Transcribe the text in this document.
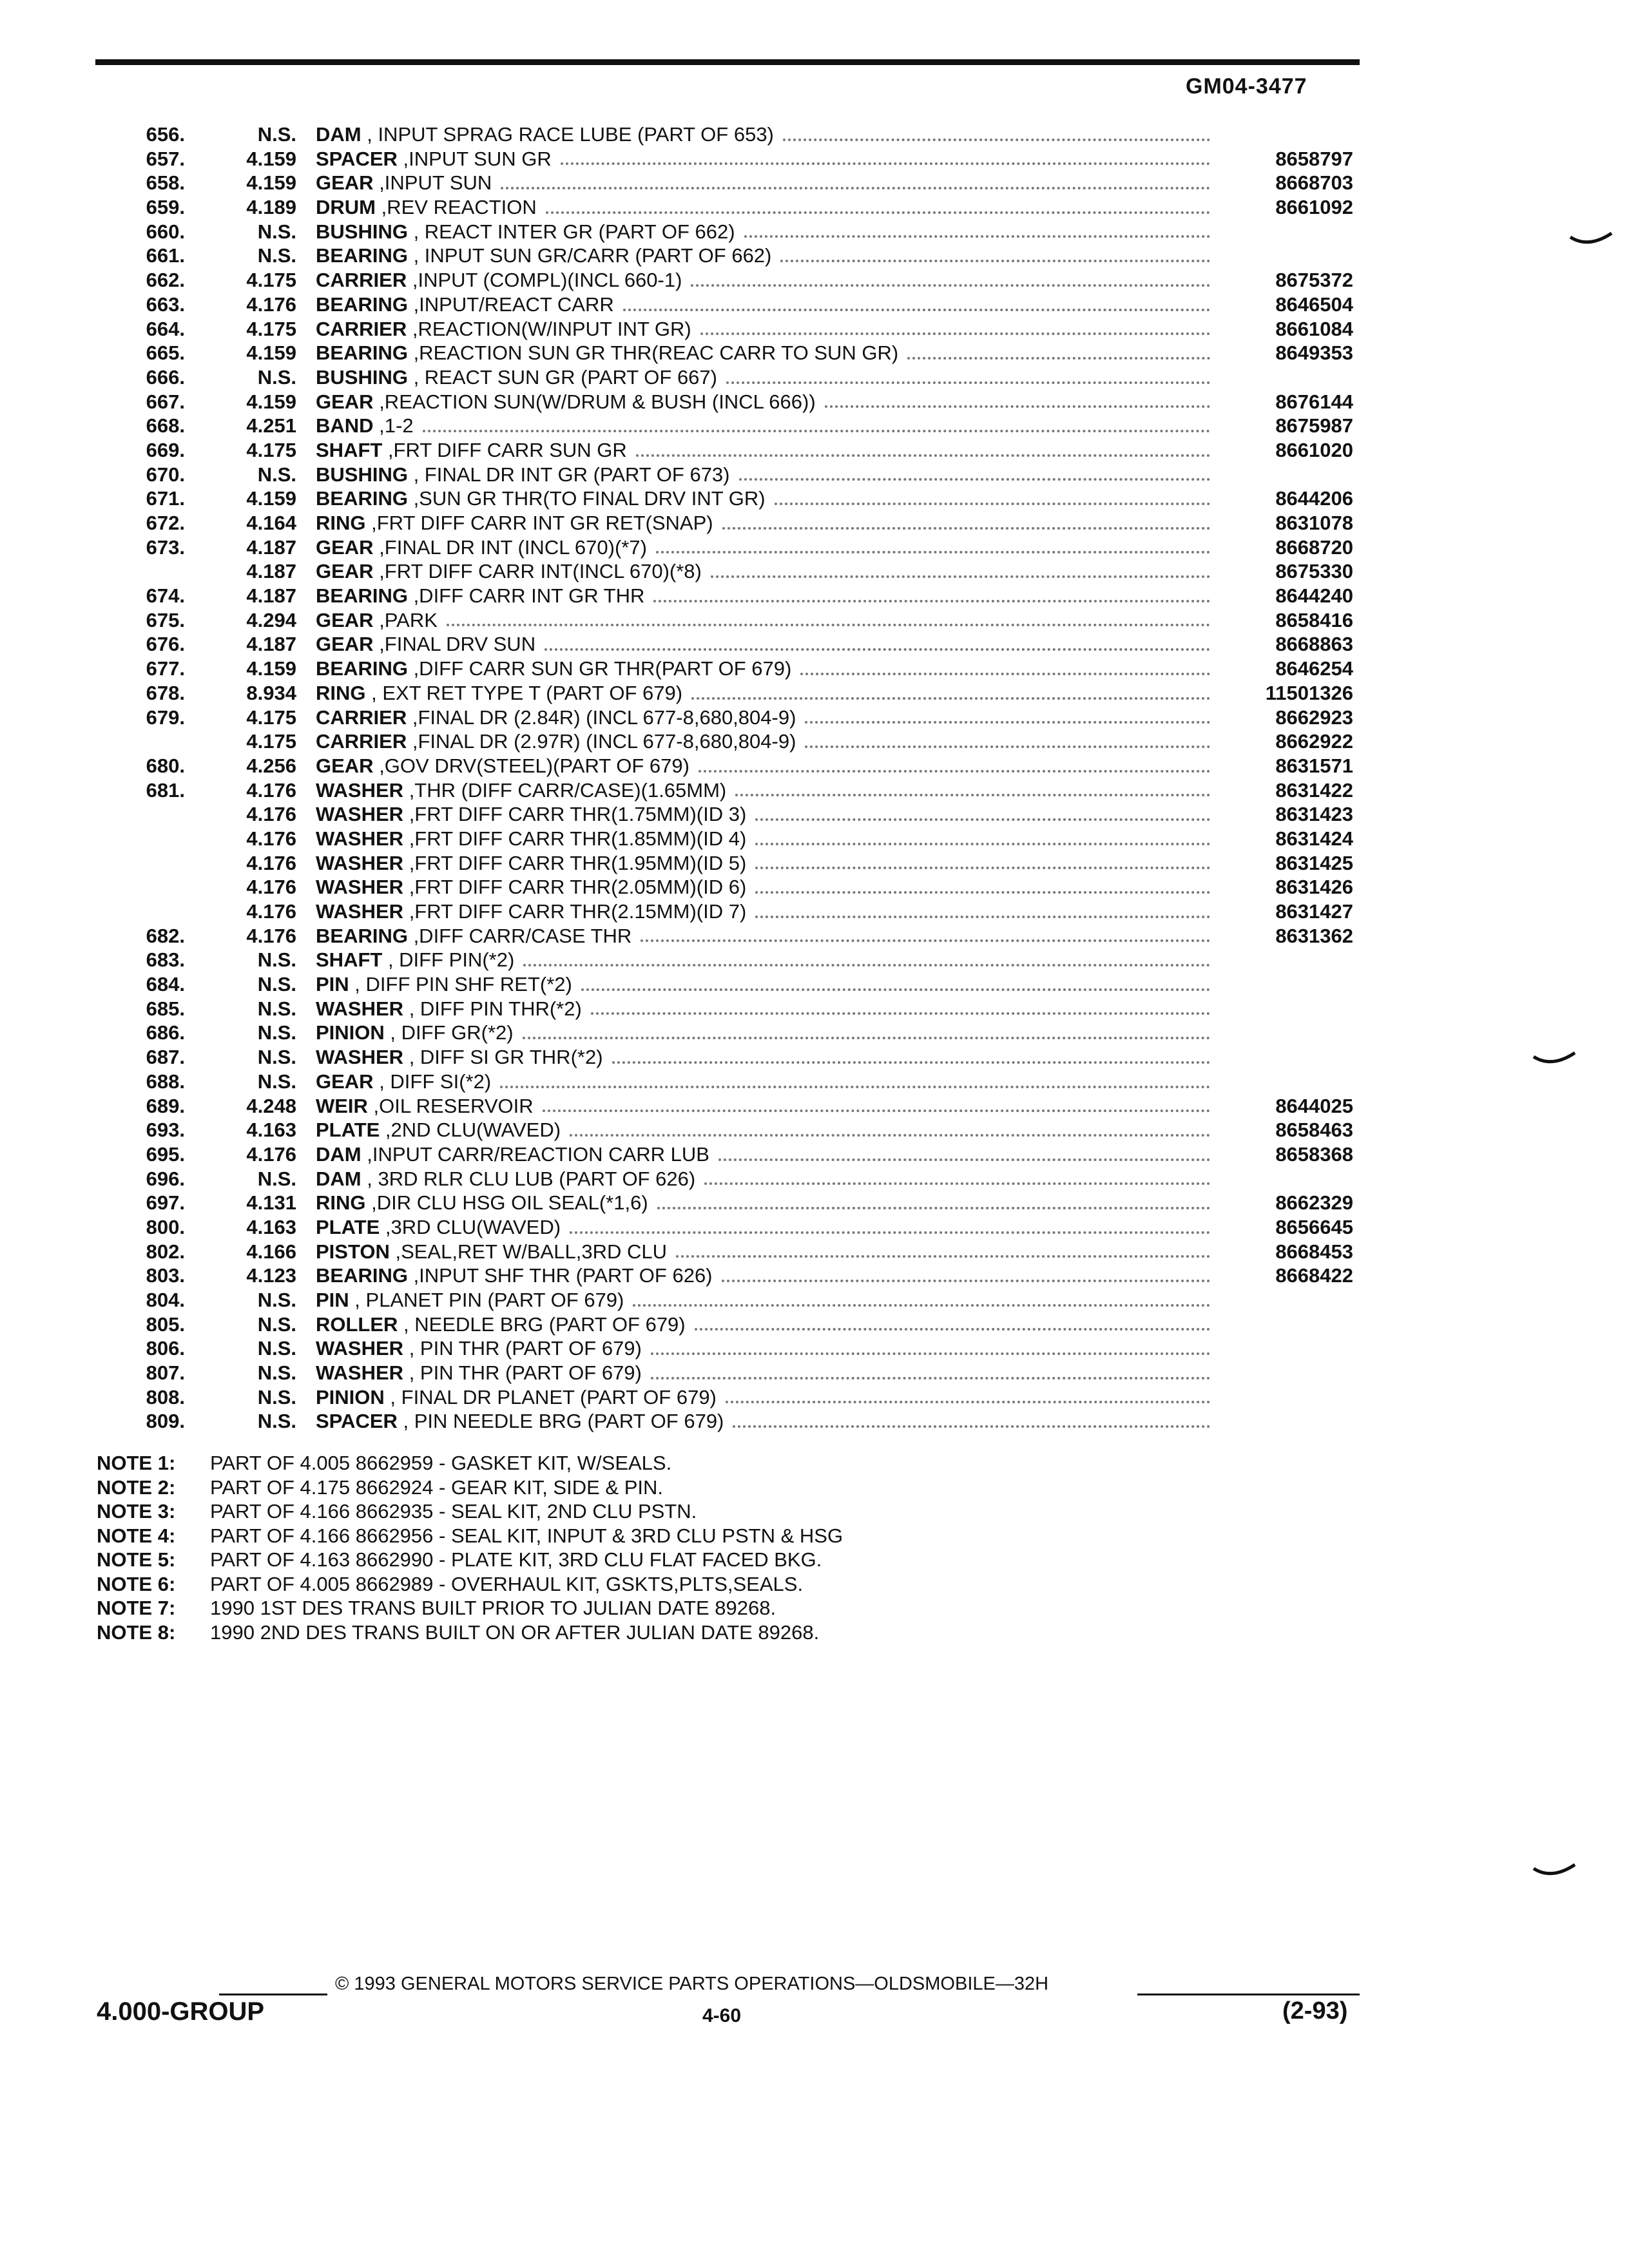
GM04-3477
656.	N.S. DAM , INPUT SPRAG RACE LUBE (PART OF 653)
657.	4.159 SPACER ,INPUT SUN GR	8658797
658.	4.159 GEAR ,INPUT SUN	8668703
659.	4.189 DRUM ,REV REACTION	8661092
660.	N.S. BUSHING , REACT INTER GR (PART OF 662)
661.	N.S. BEARING , INPUT SUN GR/CARR (PART OF 662)
662.	4.175 CARRIER ,INPUT (COMPL)(INCL 660-1)	8675372
663.	4.176 BEARING ,INPUT/REACT CARR	8646504
664.	4.175 CARRIER ,REACTION(W/INPUT INT GR)	8661084
665.	4.159 BEARING ,REACTION SUN GR THR(REAC CARR TO SUN GR)	8649353
666.	N.S. BUSHING , REACT SUN GR (PART OF 667)
667.	4.159 GEAR ,REACTION SUN(W/DRUM & BUSH (INCL 666))	8676144
668.	4.251 BAND ,1-2	8675987
669.	4.175 SHAFT ,FRT DIFF CARR SUN GR	8661020
670.	N.S. BUSHING , FINAL DR INT GR (PART OF 673)
671.	4.159 BEARING ,SUN GR THR(TO FINAL DRV INT GR)	8644206
672.	4.164 RING ,FRT DIFF CARR INT GR RET(SNAP)	8631078
673.	4.187 GEAR ,FINAL DR INT (INCL 670)(*7)	8668720
4.187 GEAR ,FRT DIFF CARR INT(INCL 670)(*8)	8675330
674.	4.187 BEARING ,DIFF CARR INT GR THR	8644240
675.	4.294 GEAR ,PARK	8658416
676.	4.187 GEAR ,FINAL DRV SUN	8668863
677.	4.159 BEARING ,DIFF CARR SUN GR THR(PART OF 679)	8646254
678.	8.934 RING , EXT RET TYPE T (PART OF 679)	11501326
679.	4.175 CARRIER ,FINAL DR (2.84R) (INCL 677-8,680,804-9)	8662923
4.175 CARRIER ,FINAL DR (2.97R) (INCL 677-8,680,804-9)	8662922
680.	4.256 GEAR ,GOV DRV(STEEL)(PART OF 679)	8631571
681.	4.176 WASHER ,THR (DIFF CARR/CASE)(1.65MM)	8631422
4.176 WASHER ,FRT DIFF CARR THR(1.75MM)(ID 3)	8631423
4.176 WASHER ,FRT DIFF CARR THR(1.85MM)(ID 4)	8631424
4.176 WASHER ,FRT DIFF CARR THR(1.95MM)(ID 5)	8631425
4.176 WASHER ,FRT DIFF CARR THR(2.05MM)(ID 6)	8631426
4.176 WASHER ,FRT DIFF CARR THR(2.15MM)(ID 7)	8631427
682.	4.176 BEARING ,DIFF CARR/CASE THR	8631362
683.	N.S. SHAFT , DIFF PIN(*2)
684.	N.S. PIN , DIFF PIN SHF RET(*2)
685.	N.S. WASHER , DIFF PIN THR(*2)
686.	N.S. PINION , DIFF GR(*2)
687.	N.S. WASHER , DIFF SI GR THR(*2)
688.	N.S. GEAR , DIFF SI(*2)
689.	4.248 WEIR ,OIL RESERVOIR	8644025
693.	4.163 PLATE ,2ND CLU(WAVED)	8658463
695.	4.176 DAM ,INPUT CARR/REACTION CARR LUB	8658368
696.	N.S. DAM , 3RD RLR CLU LUB (PART OF 626)
697.	4.131 RING ,DIR CLU HSG OIL SEAL(*1,6)	8662329
800.	4.163 PLATE ,3RD CLU(WAVED)	8656645
802.	4.166 PISTON ,SEAL,RET W/BALL,3RD CLU	8668453
803.	4.123 BEARING ,INPUT SHF THR (PART OF 626)	8668422
804.	N.S. PIN , PLANET PIN (PART OF 679)
805.	N.S. ROLLER , NEEDLE BRG (PART OF 679)
806.	N.S. WASHER , PIN THR (PART OF 679)
807.	N.S. WASHER , PIN THR (PART OF 679)
808.	N.S. PINION , FINAL DR PLANET (PART OF 679)
809.	N.S. SPACER , PIN NEEDLE BRG (PART OF 679)
NOTE 1: PART OF 4.005 8662959 - GASKET KIT, W/SEALS.
NOTE 2: PART OF 4.175 8662924 - GEAR KIT, SIDE & PIN.
NOTE 3: PART OF 4.166 8662935 - SEAL KIT, 2ND CLU PSTN.
NOTE 4: PART OF 4.166 8662956 - SEAL KIT, INPUT & 3RD CLU PSTN & HSG
NOTE 5: PART OF 4.163 8662990 - PLATE KIT, 3RD CLU FLAT FACED BKG.
NOTE 6: PART OF 4.005 8662989 - OVERHAUL KIT, GSKTS,PLTS,SEALS.
NOTE 7: 1990 1ST DES TRANS BUILT PRIOR TO JULIAN DATE 89268.
NOTE 8: 1990 2ND DES TRANS BUILT ON OR AFTER JULIAN DATE 89268.
© 1993 GENERAL MOTORS SERVICE PARTS OPERATIONS—OLDSMOBILE—32H
4.000-GROUP	4-60	(2-93)
